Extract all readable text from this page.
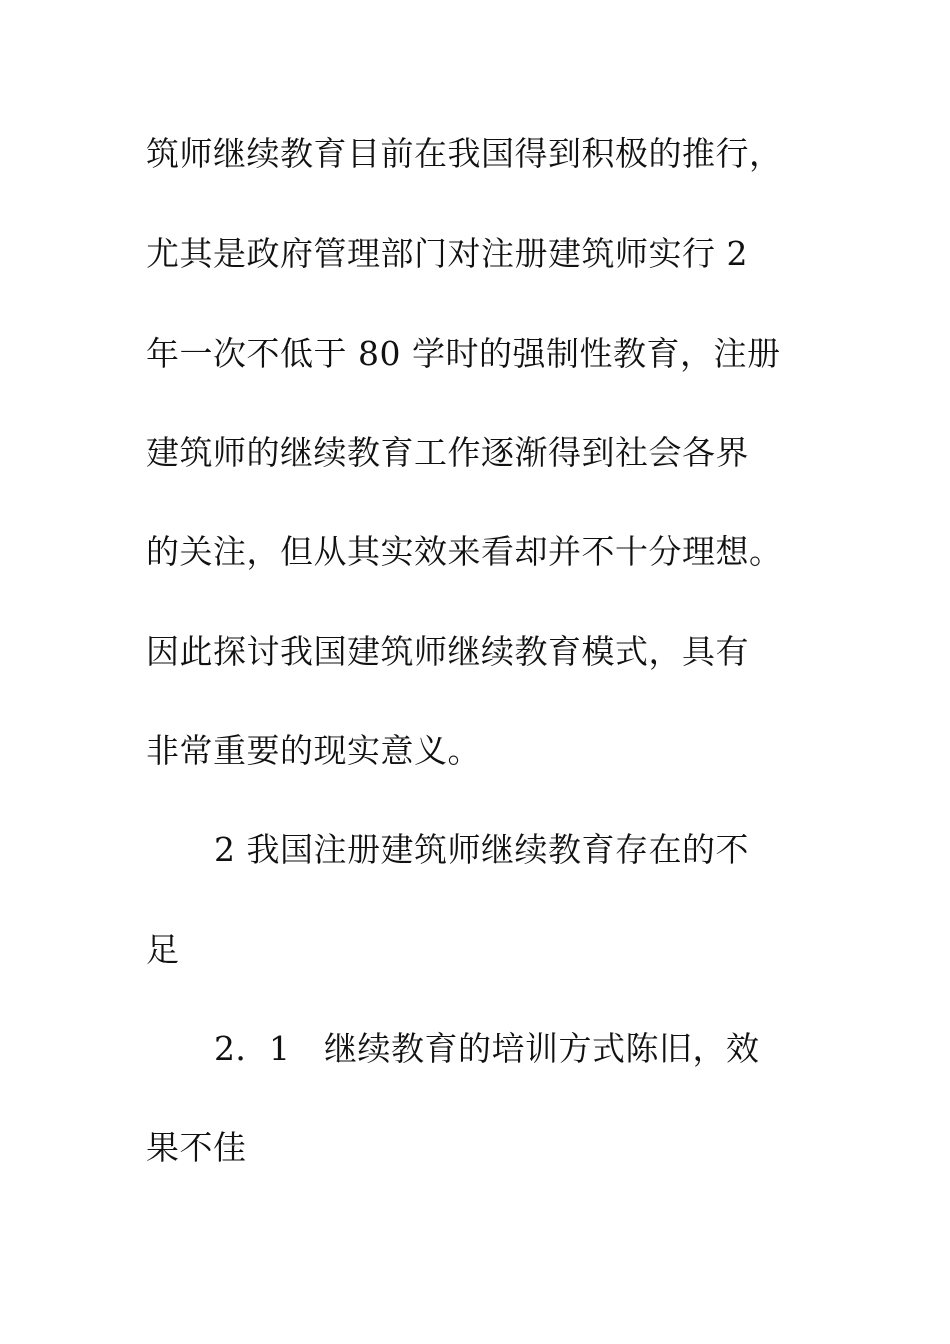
筑师继续教育目前在我国得到积极的推行，
尤其是政府管理部门对注册建筑师实行 2
年一次不低于 80 学时的强制性教育，注册
建筑师的继续教育工作逐渐得到社会各界
的关注，但从其实效来看却并不十分理想。
因此探讨我国建筑师继续教育模式，具有
非常重要的现实意义。
2 我国注册建筑师继续教育存在的不
足
2．1　继续教育的培训方式陈旧，效
果不佳
